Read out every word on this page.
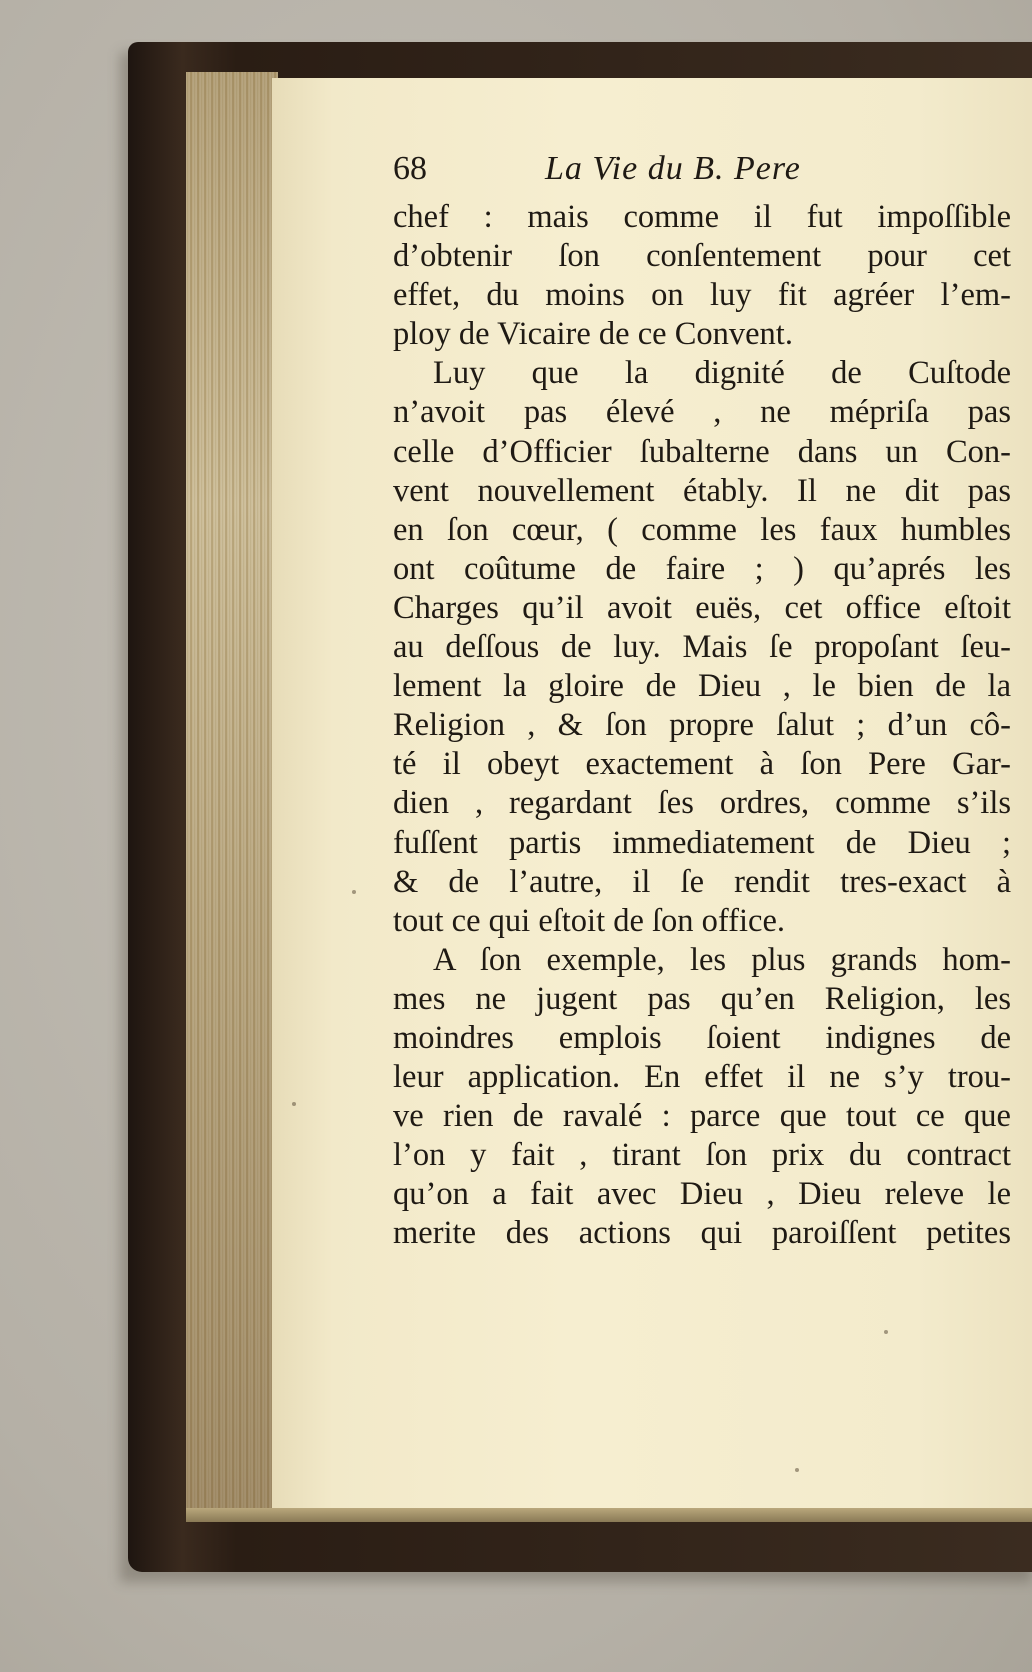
68	La Vie du B. Pere
chef : mais comme il fut impoſſible
d’obtenir ſon conſentement pour cet
effet, du moins on luy fit agréer l’em-
ploy de Vicaire de ce Convent.
Luy que la dignité de Cuſtode
n’avoit pas élevé , ne mépriſa pas
celle d’Officier ſubalterne dans un Con-
vent nouvellement étably. Il ne dit pas
en ſon cœur, ( comme les faux humbles
ont coûtume de faire ; ) qu’aprés les
Charges qu’il avoit euës, cet office eſtoit
au deſſous de luy. Mais ſe propoſant ſeu-
lement la gloire de Dieu , le bien de la
Religion , & ſon propre ſalut ; d’un cô-
té il obeyt exactement à ſon Pere Gar-
dien , regardant ſes ordres, comme s’ils
fuſſent partis immediatement de Dieu ;
& de l’autre, il ſe rendit tres-exact à
tout ce qui eſtoit de ſon office.
A ſon exemple, les plus grands hom-
mes ne jugent pas qu’en Religion, les
moindres emplois ſoient indignes de
leur application. En effet il ne s’y trou-
ve rien de ravalé : parce que tout ce que
l’on y fait , tirant ſon prix du contract
qu’on a fait avec Dieu , Dieu releve le
merite des actions qui paroiſſent petites
